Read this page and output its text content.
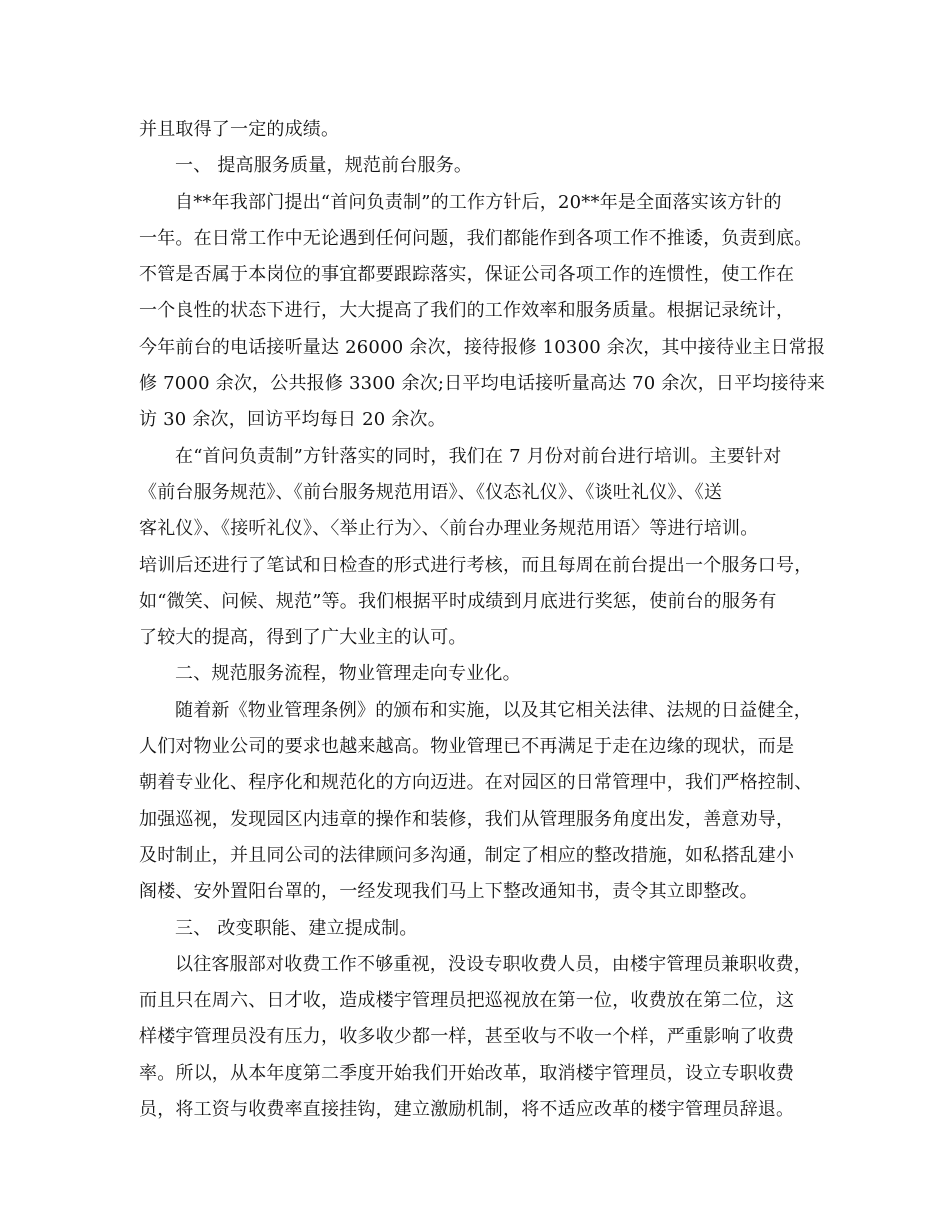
并且取得了一定的成绩。
一、 提高服务质量，规范前台服务。
自**年我部门提出“首问负责制”的工作方针后，20**年是全面落实该方针的
一年。在日常工作中无论遇到任何问题，我们都能作到各项工作不推诿，负责到底。
不管是否属于本岗位的事宜都要跟踪落实，保证公司各项工作的连惯性，使工作在
一个良性的状态下进行，大大提高了我们的工作效率和服务质量。根据记录统计，
今年前台的电话接听量达 26000 余次，接待报修 10300 余次，其中接待业主日常报
修 7000 余次，公共报修 3300 余次;日平均电话接听量高达 70 余次，日平均接待来
访 30 余次，回访平均每日 20 余次。
在“首问负责制”方针落实的同时，我们在 7 月份对前台进行培训。主要针对
《前台服务规范》、《前台服务规范用语》、《仪态礼仪》、《谈吐礼仪》、《送
客礼仪》、《接听礼仪》、〈举止行为〉、〈前台办理业务规范用语〉等进行培训。
培训后还进行了笔试和日检查的形式进行考核，而且每周在前台提出一个服务口号，
如“微笑、问候、规范”等。我们根据平时成绩到月底进行奖惩，使前台的服务有
了较大的提高，得到了广大业主的认可。
二、规范服务流程，物业管理走向专业化。
随着新《物业管理条例》的颁布和实施，以及其它相关法律、法规的日益健全，
人们对物业公司的要求也越来越高。物业管理已不再满足于走在边缘的现状，而是
朝着专业化、程序化和规范化的方向迈进。在对园区的日常管理中，我们严格控制、
加强巡视，发现园区内违章的操作和装修，我们从管理服务角度出发，善意劝导，
及时制止，并且同公司的法律顾问多沟通，制定了相应的整改措施，如私搭乱建小
阁楼、安外置阳台罩的，一经发现我们马上下整改通知书，责令其立即整改。
三、 改变职能、建立提成制。
以往客服部对收费工作不够重视，没设专职收费人员，由楼宇管理员兼职收费，
而且只在周六、日才收，造成楼宇管理员把巡视放在第一位，收费放在第二位，这
样楼宇管理员没有压力，收多收少都一样，甚至收与不收一个样，严重影响了收费
率。所以，从本年度第二季度开始我们开始改革，取消楼宇管理员，设立专职收费
员，将工资与收费率直接挂钩，建立激励机制，将不适应改革的楼宇管理员辞退。
